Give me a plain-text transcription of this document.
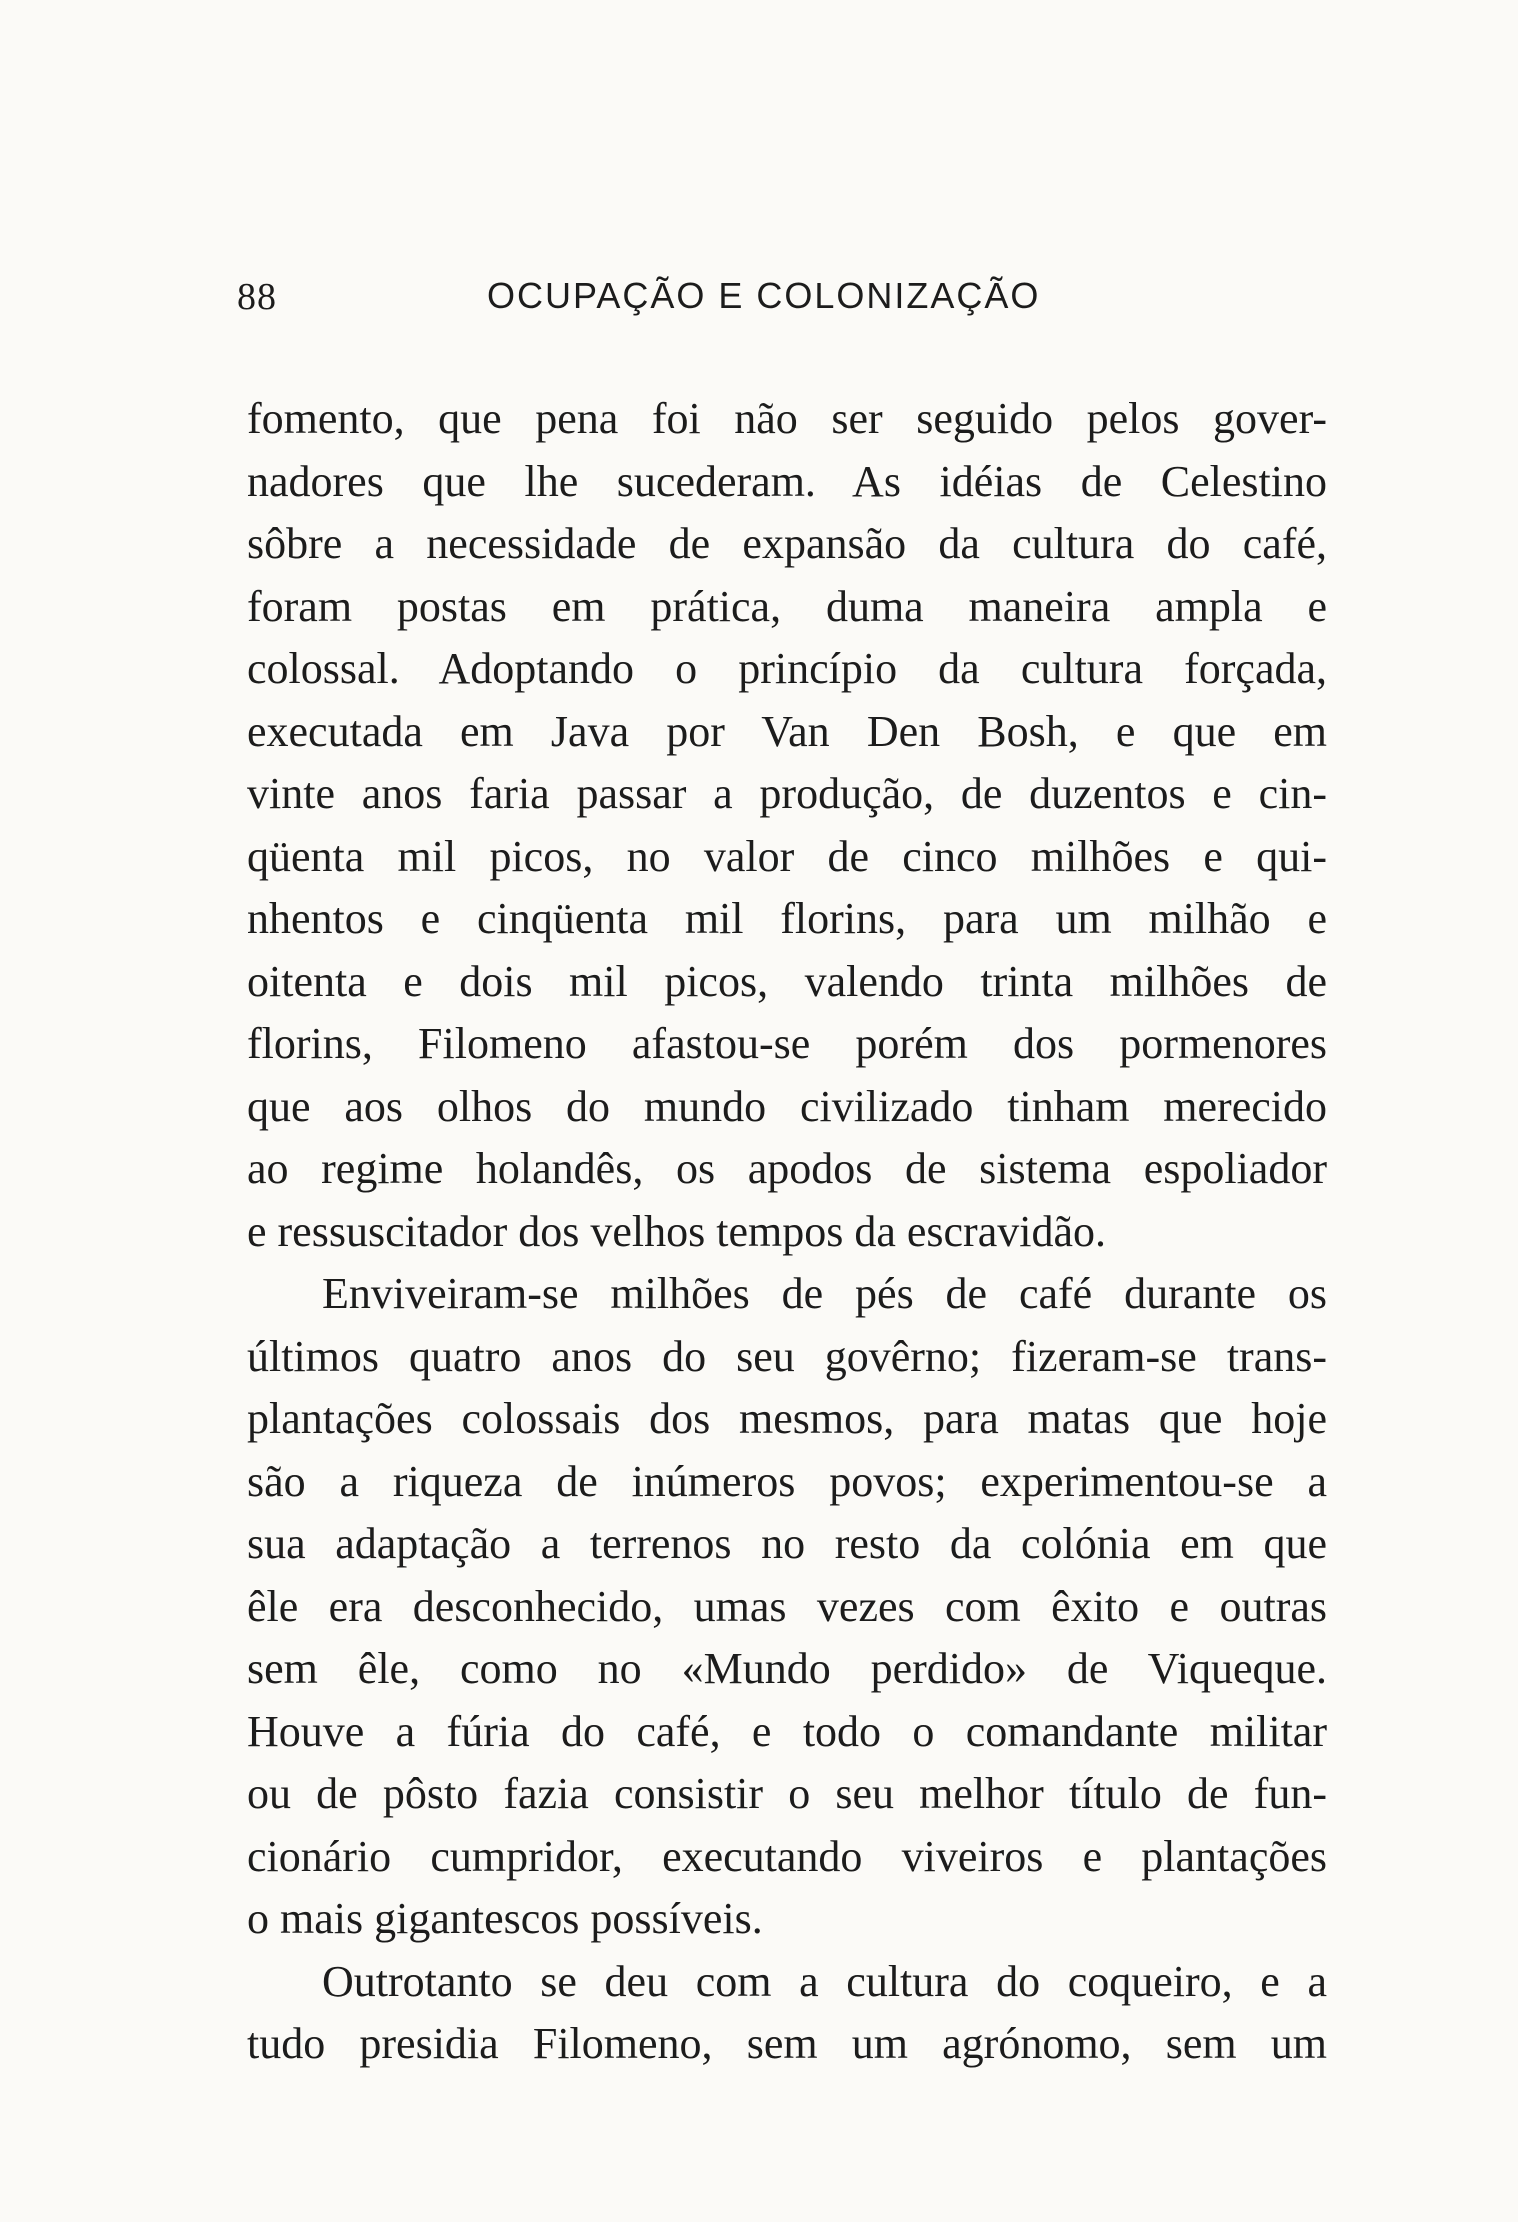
88	OCUPAÇÃO E COLONIZAÇÃO
fomento, que pena foi não ser seguido pelos gover-
nadores que lhe sucederam. As idéias de Celestino
sôbre a necessidade de expansão da cultura do café,
foram postas em prática, duma maneira ampla e
colossal. Adoptando o princípio da cultura forçada,
executada em Java por Van Den Bosh, e que em
vinte anos faria passar a produção, de duzentos e cin-
qüenta mil picos, no valor de cinco milhões e qui-
nhentos e cinqüenta mil florins, para um milhão e
oitenta e dois mil picos, valendo trinta milhões de
florins, Filomeno afastou-se porém dos pormenores
que aos olhos do mundo civilizado tinham merecido
ao regime holandês, os apodos de sistema espoliador
e ressuscitador dos velhos tempos da escravidão.
Enviveiram-se milhões de pés de café durante os
últimos quatro anos do seu govêrno; fizeram-se trans-
plantações colossais dos mesmos, para matas que hoje
são a riqueza de inúmeros povos; experimentou-se a
sua adaptação a terrenos no resto da colónia em que
êle era desconhecido, umas vezes com êxito e outras
sem êle, como no «Mundo perdido» de Viqueque.
Houve a fúria do café, e todo o comandante militar
ou de pôsto fazia consistir o seu melhor título de fun-
cionário cumpridor, executando viveiros e plantações
o mais gigantescos possíveis.
Outrotanto se deu com a cultura do coqueiro, e a
tudo presidia Filomeno, sem um agrónomo, sem um
